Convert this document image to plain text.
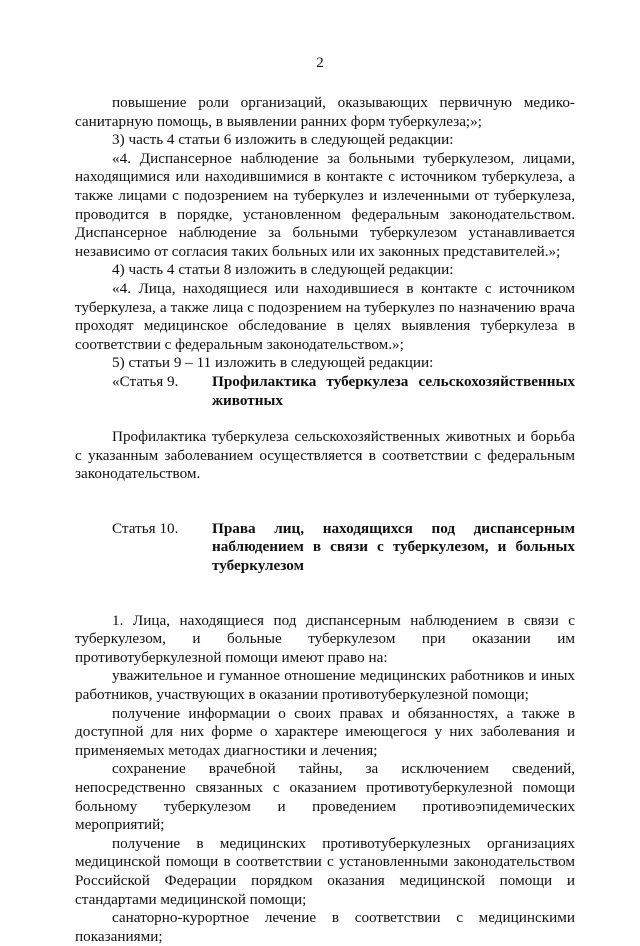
2

повышение роли организаций, оказывающих первичную медико-санитарную помощь, в выявлении ранних форм туберкулеза;»;

3) часть 4 статьи 6 изложить в следующей редакции:

«4. Диспансерное наблюдение за больными туберкулезом, лицами, находящимися или находившимися в контакте с источником туберкулеза, а также лицами с подозрением на туберкулез и излеченными от туберкулеза, проводится в порядке, установленном федеральным законодательством. Диспансерное наблюдение за больными туберкулезом устанавливается независимо от согласия таких больных или их законных представителей.»;

4) часть 4 статьи 8 изложить в следующей редакции:

«4. Лица, находящиеся или находившиеся в контакте с источником туберкулеза, а также лица с подозрением на туберкулез по назначению врача проходят медицинское обследование в целях выявления туберкулеза в соответствии с федеральным законодательством.»;

5) статьи 9 – 11 изложить в следующей редакции:

«Статья 9.	Профилактика туберкулеза сельскохозяйственных животных

Профилактика туберкулеза сельскохозяйственных животных и борьба с указанным заболеванием осуществляется в соответствии с федеральным законодательством.

Статья 10.	Права лиц, находящихся под диспансерным наблюдением в связи с туберкулезом, и больных туберкулезом

1. Лица, находящиеся под диспансерным наблюдением в связи с туберкулезом, и больные туберкулезом при оказании им противотуберкулезной помощи имеют право на:

уважительное и гуманное отношение медицинских работников и иных работников, участвующих в оказании противотуберкулезной помощи;

получение информации о своих правах и обязанностях, а также в доступной для них форме о характере имеющегося у них заболевания и применяемых методах диагностики и лечения;

сохранение врачебной тайны, за исключением сведений, непосредственно связанных с оказанием противотуберкулезной помощи больному туберкулезом и проведением противоэпидемических мероприятий;

получение в медицинских противотуберкулезных организациях медицинской помощи в соответствии с установленными законодательством Российской Федерации порядком оказания медицинской помощи и стандартами медицинской помощи;

санаторно-курортное лечение в соответствии с медицинскими показаниями;
